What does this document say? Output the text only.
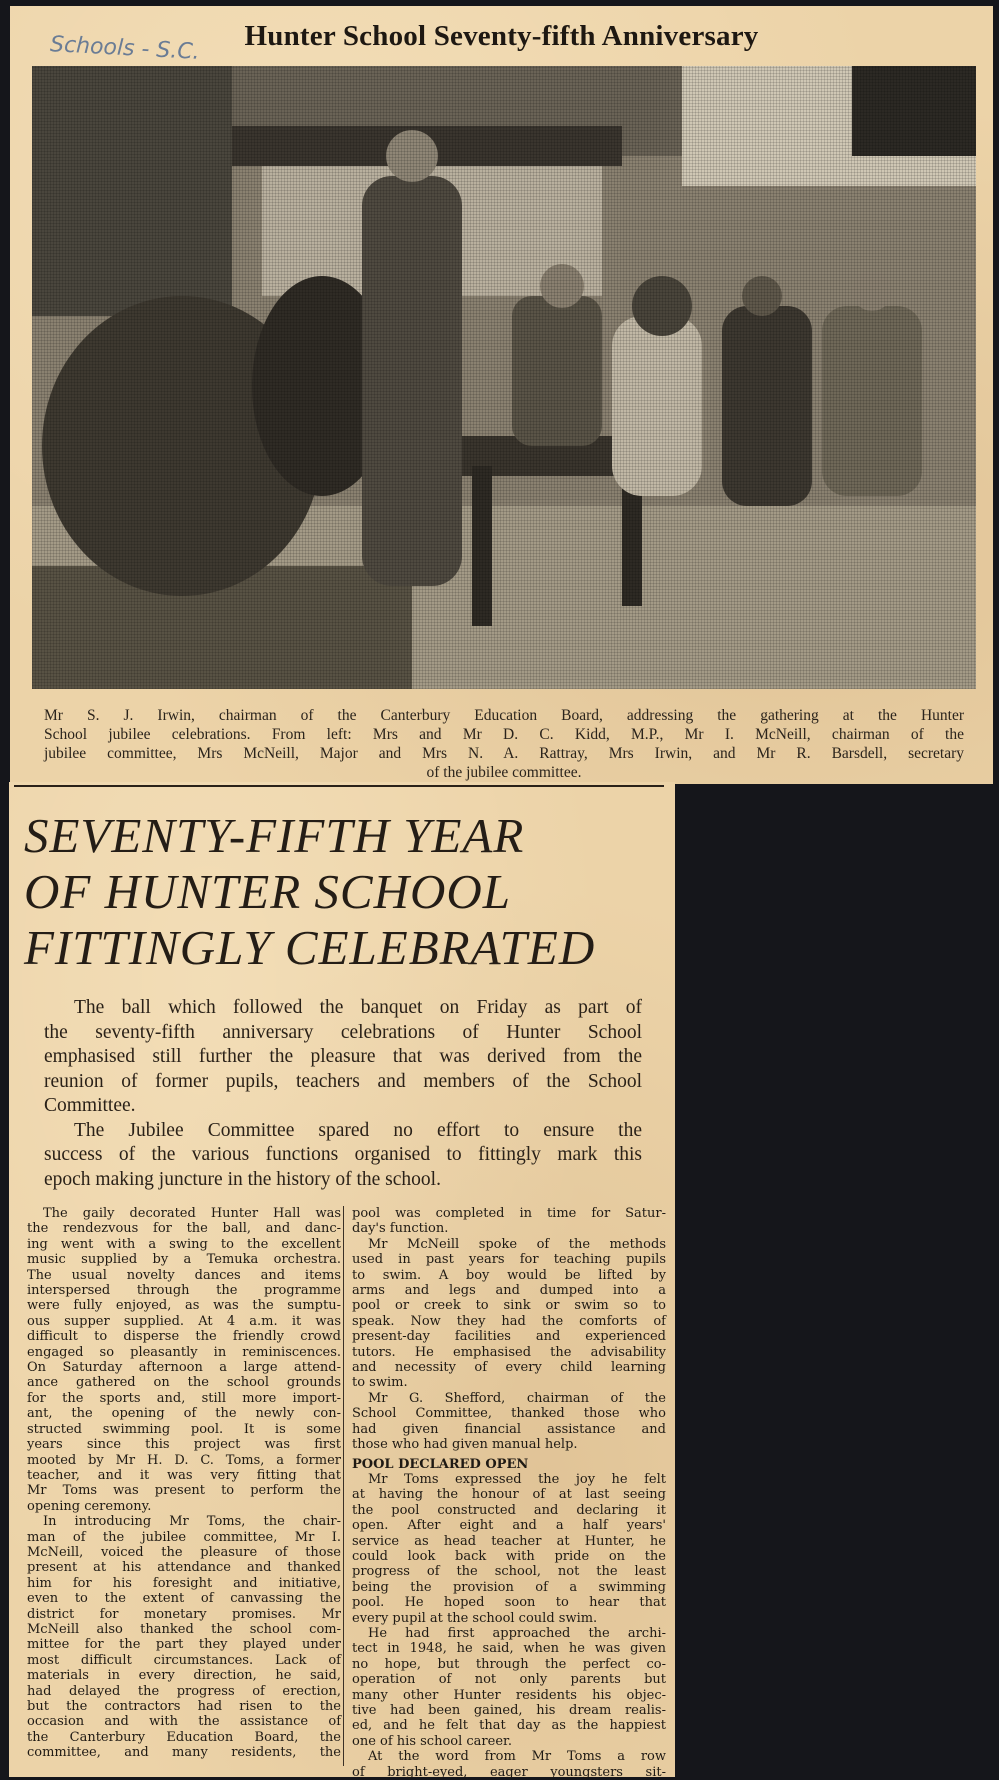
Hunter School Seventy-fifth Anniversary
Schools - S.C.
Mr S. J. Irwin, chairman of the Canterbury Education Board, addressing the gathering at the Hunter
School jubilee celebrations. From left: Mrs and Mr D. C. Kidd, M.P., Mr I. McNeill, chairman of the
jubilee committee, Mrs McNeill, Major and Mrs N. A. Rattray, Mrs Irwin, and Mr R. Barsdell, secretary
of the jubilee committee.
SEVENTY-FIFTH YEAR
OF HUNTER SCHOOL
FITTINGLY CELEBRATED
The ball which followed the banquet on Friday as part of
the seventy-fifth anniversary celebrations of Hunter School
emphasised still further the pleasure that was derived from the
reunion of former pupils, teachers and members of the School
Committee.
The Jubilee Committee spared no effort to ensure the
success of the various functions organised to fittingly mark this
epoch making juncture in the history of the school.
The gaily decorated Hunter Hall was
the rendezvous for the ball, and danc-
ing went with a swing to the excellent
music supplied by a Temuka orchestra.
The usual novelty dances and items
interspersed through the programme
were fully enjoyed, as was the sumptu-
ous supper supplied. At 4 a.m. it was
difficult to disperse the friendly crowd
engaged so pleasantly in reminiscences.
On Saturday afternoon a large attend-
ance gathered on the school grounds
for the sports and, still more import-
ant, the opening of the newly con-
structed swimming pool. It is some
years since this project was first
mooted by Mr H. D. C. Toms, a former
teacher, and it was very fitting that
Mr Toms was present to perform the
opening ceremony.
In introducing Mr Toms, the chair-
man of the jubilee committee, Mr I.
McNeill, voiced the pleasure of those
present at his attendance and thanked
him for his foresight and initiative,
even to the extent of canvassing the
district for monetary promises. Mr
McNeill also thanked the school com-
mittee for the part they played under
most difficult circumstances. Lack of
materials in every direction, he said,
had delayed the progress of erection,
but the contractors had risen to the
occasion and with the assistance of
the Canterbury Education Board, the
committee, and many residents, the
pool was completed in time for Satur-
day's function.
Mr McNeill spoke of the methods
used in past years for teaching pupils
to swim. A boy would be lifted by
arms and legs and dumped into a
pool or creek to sink or swim so to
speak. Now they had the comforts of
present-day facilities and experienced
tutors. He emphasised the advisability
and necessity of every child learning
to swim.
Mr G. Shefford, chairman of the
School Committee, thanked those who
had given financial assistance and
those who had given manual help.
POOL DECLARED OPEN
Mr Toms expressed the joy he felt
at having the honour of at last seeing
the pool constructed and declaring it
open. After eight and a half years'
service as head teacher at Hunter, he
could look back with pride on the
progress of the school, not the least
being the provision of a swimming
pool. He hoped soon to hear that
every pupil at the school could swim.
He had first approached the archi-
tect in 1948, he said, when he was given
no hope, but through the perfect co-
operation of not only parents but
many other Hunter residents his objec-
tive had been gained, his dream realis-
ed, and he felt that day as the happiest
one of his school career.
At the word from Mr Toms a row
of bright-eyed, eager youngsters sit-
